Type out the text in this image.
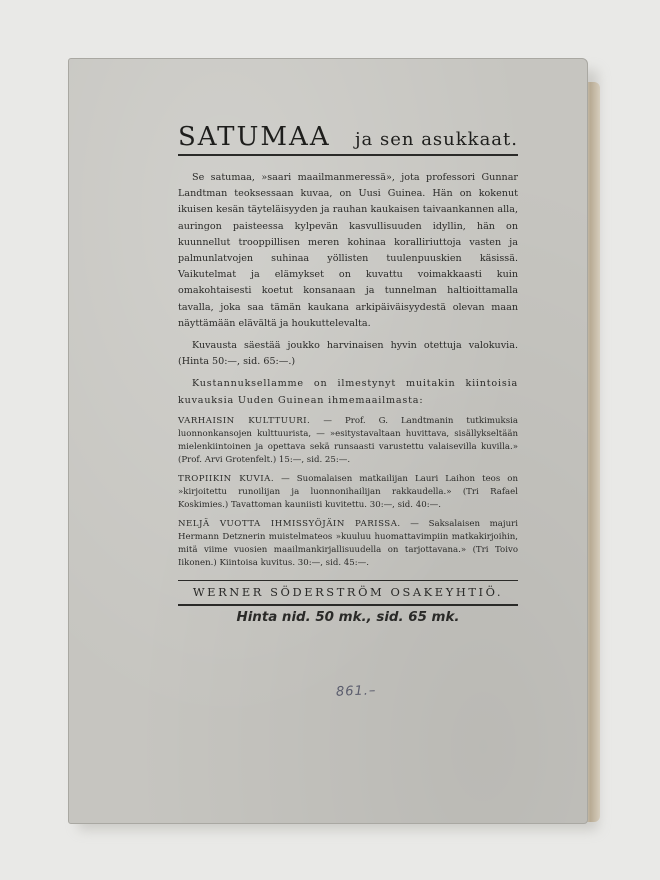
SATUMAA ja sen asukkaat.

Se satumaa, »saari maailmanmeressä», jota professori Gunnar Landtman teoksessaan kuvaa, on Uusi Guinea. Hän on kokenut ikuisen kesän täyteläisyyden ja rauhan kaukaisen taivaankannen alla, auringon paisteessa kylpevän kasvullisuuden idyllin, hän on kuunnellut trooppillisen meren kohinaa koralliriuttoja vasten ja palmunlatvojen suhinaa yöllisten tuulenpuuskien käsissä. Vaikutelmat ja elämykset on kuvattu voimakkaasti kuin omakohtaisesti koetut konsanaan ja tunnelman haltioittamalla tavalla, joka saa tämän kaukana arkipäiväisyydestä olevan maan näyttämään elävältä ja houkuttelevalta.

Kuvausta säestää joukko harvinaisen hyvin otettuja valokuvia. (Hinta 50:—, sid. 65:—.)

Kustannuksellamme on ilmestynyt muitakin kiintoisia kuvauksia Uuden Guinean ihmemaailmasta:

VARHAISIN KULTTUURI. — Prof. G. Landtmanin tutkimuksia luonnonkansojen kulttuurista, — »esitystavaltaan huvittava, sisällykseltään mielenkiintoinen ja opettava sekä runsaasti varustettu valaisevilla kuvilla.» (Prof. Arvi Grotenfelt.) 15:—, sid. 25:—.

TROPIIKIN KUVIA. — Suomalaisen matkailijan Lauri Laihon teos on »kirjoitettu runoilijan ja luonnonihailijan rakkaudella.» (Tri Rafael Koskimies.) Tavattoman kauniisti kuvitettu. 30:—, sid. 40:—.

NELJÄ VUOTTA IHMISSYÖJÄIN PARISSA. — Saksalaisen majuri Hermann Detznerin muistelmateos »kuuluu huomattavimpiin matkakirjoihin, mitä viime vuosien maailmankirjallisuudella on tarjottavana.» (Tri Toivo Iikonen.) Kiintoisa kuvitus. 30:—, sid. 45:—.

WERNER SÖDERSTRÖM OSAKEYHTIÖ.
Hinta nid. 50 mk., sid. 65 mk.
861.–
